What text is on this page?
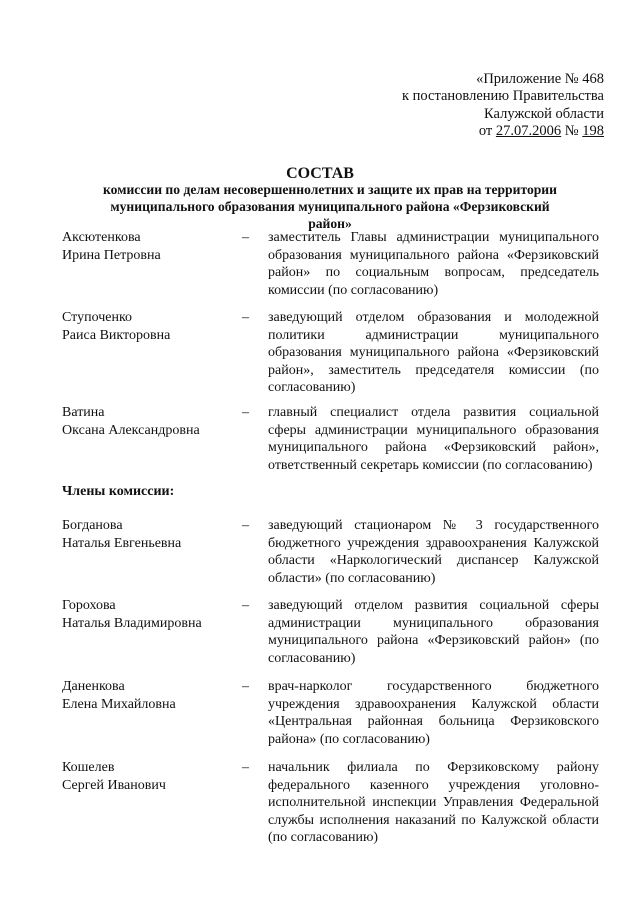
«Приложение № 468
к постановлению Правительства
Калужской области
от 27.07.2006 № 198
СОСТАВ
комиссии по делам несовершеннолетних и защите их прав на территории
муниципального образования муниципального района «Ферзиковский район»
Аксютенкова
Ирина Петровна
– заместитель Главы администрации муниципального образования муниципального района «Ферзиковский район» по социальным вопросам, председатель комиссии (по согласованию)
Ступоченко
Раиса Викторовна
– заведующий отделом образования и молодежной политики администрации муниципального образования муниципального района «Ферзиковский район», заместитель председателя комиссии (по согласованию)
Ватина
Оксана Александровна
– главный специалист отдела развития социальной сферы администрации муниципального образования муниципального района «Ферзиковский район», ответственный секретарь комиссии (по согласованию)
Члены комиссии:
Богданова
Наталья Евгеньевна
– заведующий стационаром № 3 государственного бюджетного учреждения здравоохранения Калужской области «Наркологический диспансер Калужской области» (по согласованию)
Горохова
Наталья Владимировна
– заведующий отделом развития социальной сферы администрации муниципального образования муниципального района «Ферзиковский район» (по согласованию)
Даненкова
Елена Михайловна
– врач-нарколог государственного бюджетного учреждения здравоохранения Калужской области «Центральная районная больница Ферзиковского района» (по согласованию)
Кошелев
Сергей Иванович
– начальник филиала по Ферзиковскому району федерального казенного учреждения уголовно-исполнительной инспекции Управления Федеральной службы исполнения наказаний по Калужской области (по согласованию)
